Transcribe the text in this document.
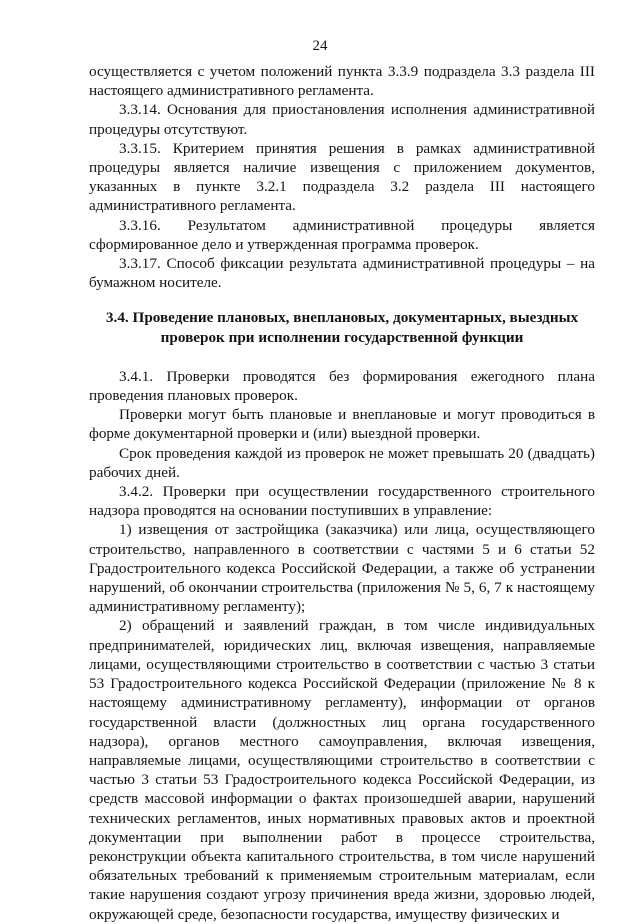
24

осуществляется с учетом положений пункта 3.3.9 подраздела 3.3 раздела III настоящего административного регламента.

3.3.14. Основания для приостановления исполнения административной процедуры отсутствуют.

3.3.15. Критерием принятия решения в рамках административной процедуры является наличие извещения с приложением документов, указанных в пункте 3.2.1 подраздела 3.2 раздела III настоящего административного регламента.

3.3.16. Результатом административной процедуры является сформированное дело и утвержденная программа проверок.

3.3.17. Способ фиксации результата административной процедуры – на бумажном носителе.

3.4. Проведение плановых, внеплановых, документарных, выездных проверок при исполнении государственной функции

3.4.1. Проверки проводятся без формирования ежегодного плана проведения плановых проверок.

Проверки могут быть плановые и внеплановые и могут проводиться в форме документарной проверки и (или) выездной проверки.

Срок проведения каждой из проверок не может превышать 20 (двадцать) рабочих дней.

3.4.2. Проверки при осуществлении государственного строительного надзора проводятся на основании поступивших в управление:

1) извещения от застройщика (заказчика) или лица, осуществляющего строительство, направленного в соответствии с частями 5 и 6 статьи 52 Градостроительного кодекса Российской Федерации, а также об устранении нарушений, об окончании строительства (приложения № 5, 6, 7 к настоящему административному регламенту);

2) обращений и заявлений граждан, в том числе индивидуальных предпринимателей, юридических лиц, включая извещения, направляемые лицами, осуществляющими строительство в соответствии с частью 3 статьи 53 Градостроительного кодекса Российской Федерации (приложение № 8 к настоящему административному регламенту), информации от органов государственной власти (должностных лиц органа государственного надзора), органов местного самоуправления, включая извещения, направляемые лицами, осуществляющими строительство в соответствии с частью 3 статьи 53 Градостроительного кодекса Российской Федерации, из средств массовой информации о фактах произошедшей аварии, нарушений технических регламентов, иных нормативных правовых актов и проектной документации при выполнении работ в процессе строительства, реконструкции объекта капитального строительства, в том числе нарушений обязательных требований к применяемым строительным материалам, если такие нарушения создают угрозу причинения вреда жизни, здоровью людей, окружающей среде, безопасности государства, имуществу физических и
